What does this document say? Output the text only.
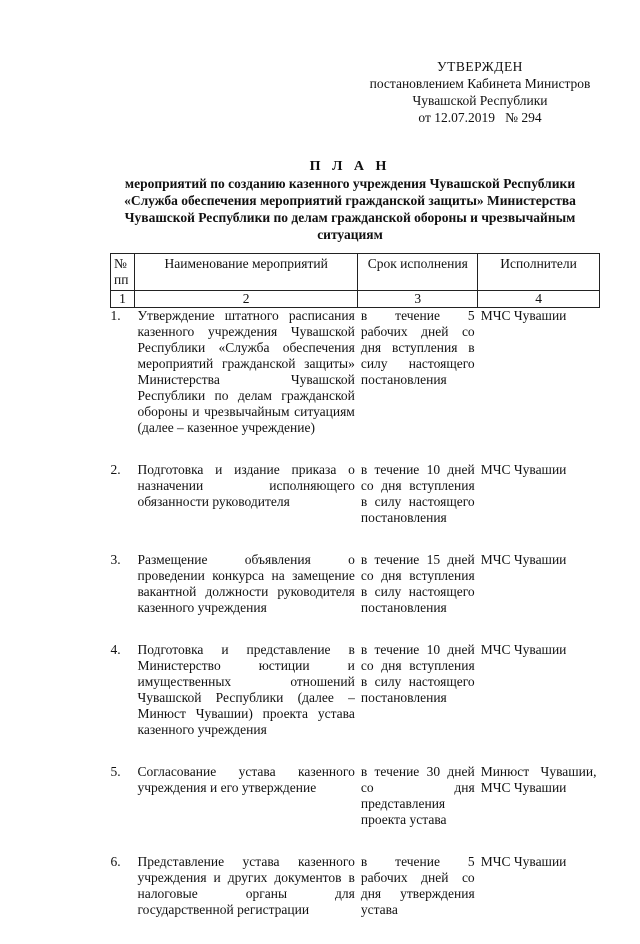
УТВЕРЖДЕН
постановлением Кабинета Министров
Чувашской Республики
от 12.07.2019   № 294
П Л А Н
мероприятий по созданию казенного учреждения Чувашской Республики «Служба обеспечения мероприятий гражданской защиты» Министерства Чувашской Республики по делам гражданской обороны и чрезвычайным ситуациям
№ пп	Наименование мероприятий	Срок исполнения	Исполнители
1	2	3	4
1.	Утверждение штатного расписания казенного учреждения Чувашской Республики «Служба обеспечения мероприятий гражданской защиты» Министерства Чувашской Республики по делам гражданской обороны и чрезвычайным ситуациям (далее – казенное учреждение)	в течение 5 рабочих дней со дня вступления в силу настоящего постановления	МЧС Чувашии
2.	Подготовка и издание приказа о назначении исполняющего обязанности руководителя	в течение 10 дней со дня вступления в силу настоящего постановления	МЧС Чувашии
3.	Размещение объявления о проведении конкурса на замещение вакантной должности руководителя казенного учреждения	в течение 15 дней со дня вступления в силу настоящего постановления	МЧС Чувашии
4.	Подготовка и представление в Министерство юстиции и имущественных отношений Чувашской Республики (далее – Минюст Чувашии) проекта устава казенного учреждения	в течение 10 дней со дня вступления в силу настоящего постановления	МЧС Чувашии
5.	Согласование устава казенного учреждения и его утверждение	в течение 30 дней со дня представления проекта устава	Минюст Чувашии, МЧС Чувашии
6.	Представление устава казенного учреждения и других документов в налоговые органы для государственной регистрации	в течение 5 рабочих дней со дня утверждения устава	МЧС Чувашии
